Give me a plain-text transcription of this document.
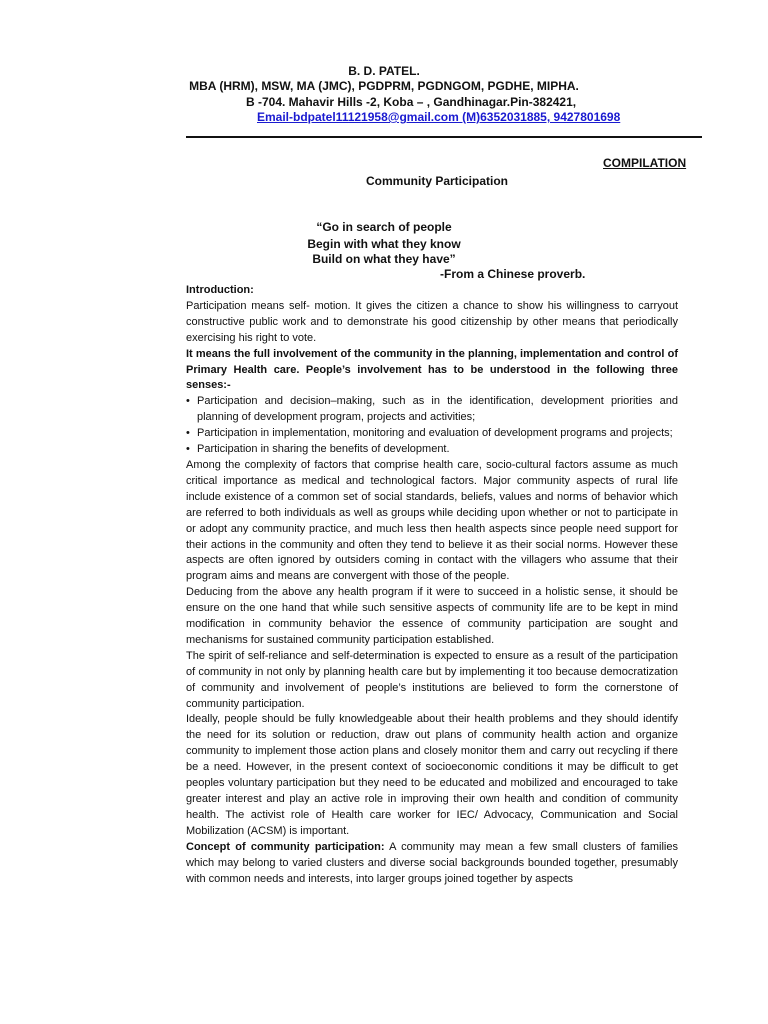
B. D. PATEL.
MBA (HRM), MSW, MA (JMC), PGDPRM, PGDNGOM, PGDHE, MIPHA.
B -704. Mahavir Hills -2, Koba – , Gandhinagar.Pin-382421,
Email-bdpatel11121958@gmail.com (M)6352031885, 9427801698
COMPILATION
Community Participation
“Go in search of people
Begin with what they know
Build on what they have”
-From a Chinese proverb.

Introduction:

Participation means self- motion. It gives the citizen a chance to show his willingness to carryout constructive public work and to demonstrate his good citizenship by other means that periodically exercising his right to vote.

It means the full involvement of the community in the planning, implementation and control of Primary Health care. People’s involvement has to be understood in the following three senses:-

• Participation and decision–making, such as in the identification, development priorities and planning of development program, projects and activities;
• Participation in implementation, monitoring and evaluation of development programs and projects;
• Participation in sharing the benefits of development.

Among the complexity of factors that comprise health care, socio-cultural factors assume as much critical importance as medical and technological factors. Major community aspects of rural life include existence of a common set of social standards, beliefs, values and norms of behavior which are referred to both individuals as well as groups while deciding upon whether or not to participate in or adopt any community practice, and much less then health aspects since people need support for their actions in the community and often they tend to believe it as their social norms. However these aspects are often ignored by outsiders coming in contact with the villagers who assume that their program aims and means are convergent with those of the people.

Deducing from the above any health program if it were to succeed in a holistic sense, it should be ensure on the one hand that while such sensitive aspects of community life are to be kept in mind modification in community behavior the essence of community participation are sought and mechanisms for sustained community participation established.

The spirit of self-reliance and self-determination is expected to ensure as a result of the participation of community in not only by planning health care but by implementing it too because democratization of community and involvement of people’s institutions are believed to form the cornerstone of community participation.

Ideally, people should be fully knowledgeable about their health problems and they should identify the need for its solution or reduction, draw out plans of community health action and organize community to implement those action plans and closely monitor them and carry out recycling if there be a need. However, in the present context of socioeconomic conditions it may be difficult to get peoples voluntary participation but they need to be educated and mobilized and encouraged to take greater interest and play an active role in improving their own health and condition of community health. The activist role of Health care worker for IEC/ Advocacy, Communication and Social Mobilization (ACSM) is important.

Concept of community participation: A community may mean a few small clusters of families which may belong to varied clusters and diverse social backgrounds bounded together, presumably with common needs and interests, into larger groups joined together by aspects
